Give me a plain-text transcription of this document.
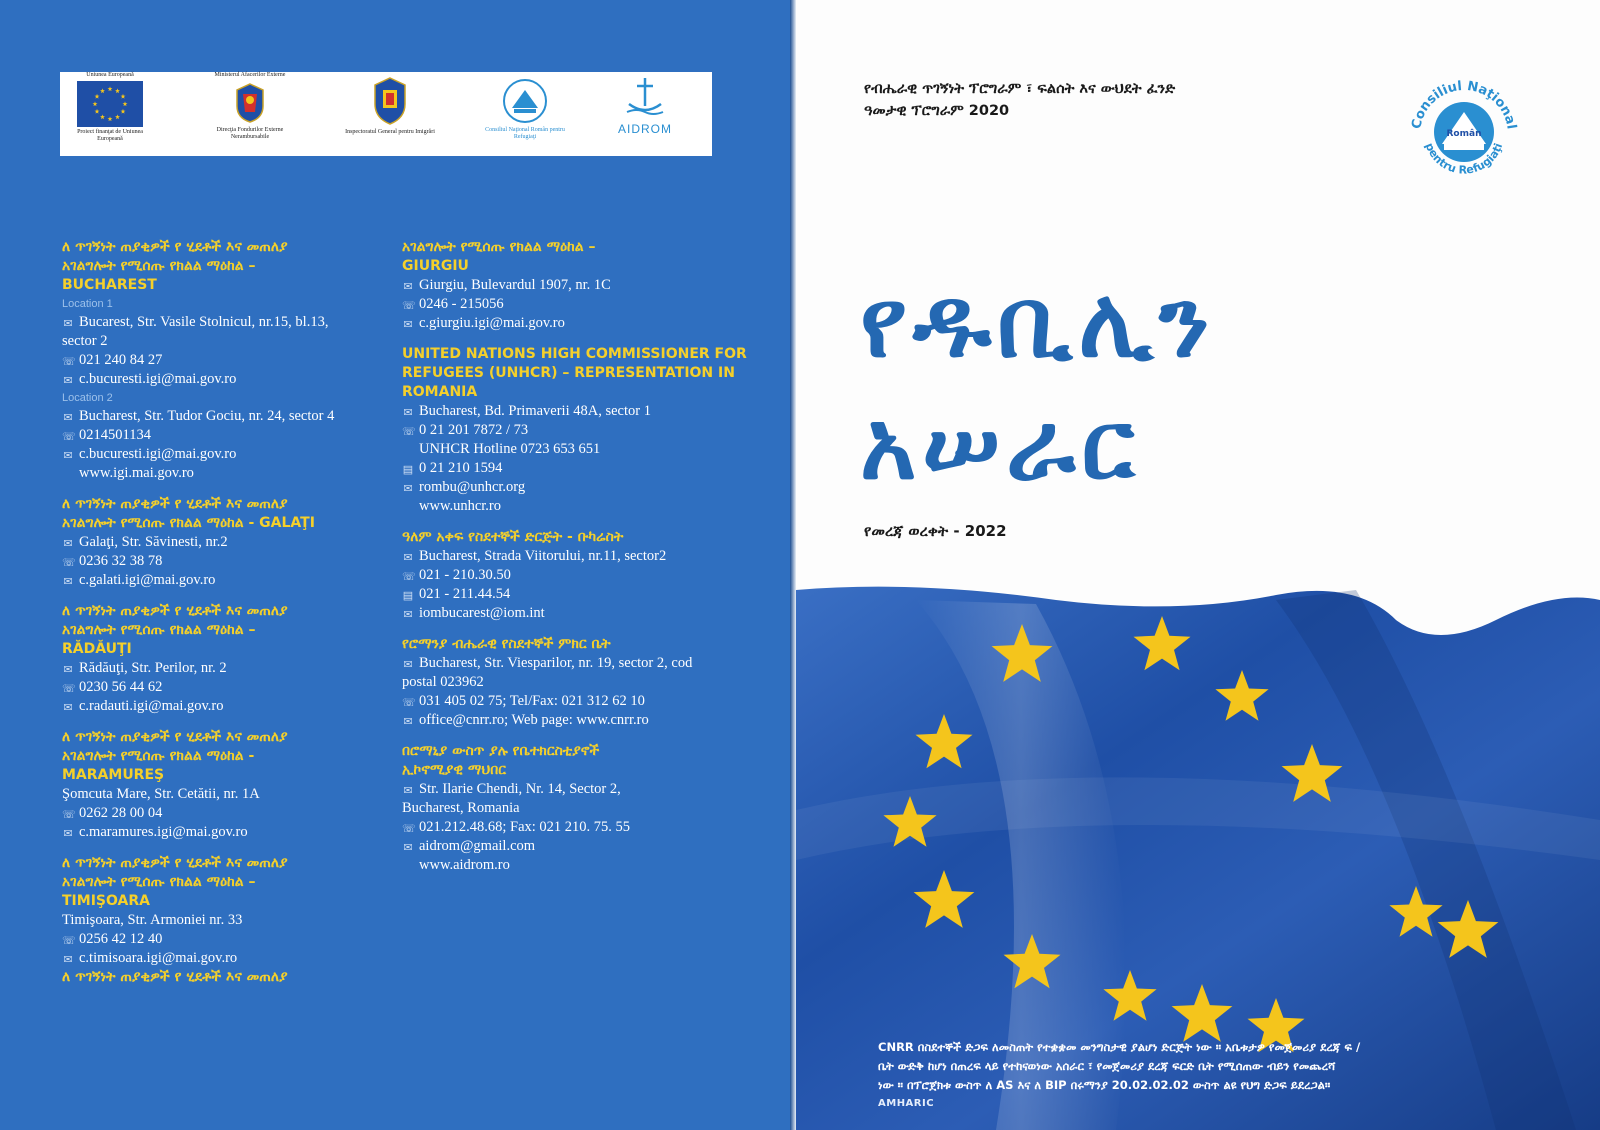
Uniunea Europeană
Proiect finanţat de Uniunea Europeană
Ministerul Afacerilor Externe
Direcţia Fondurilor Externe Nerambursabile
Inspectoratul General pentru Imigrări	Consiliul Naţional Român pentru Refugiaţi
AIDROM
ለ ጥገኝነት ጠያቂዎች የ ሂደቶች እና መጠለያ
አገልግሎት የሚሰጡ የክልል ማዕከል –
BUCHAREST
Location 1
✉ Bucarest, Str. Vasile Stolnicul, nr.15, bl.13,
sector 2
☏ 021 240 84 27
✉ c.bucuresti.igi@mai.gov.ro
Location 2
✉ Bucharest, Str. Tudor Gociu, nr. 24, sector 4
☏ 0214501134
✉ c.bucuresti.igi@mai.gov.ro
www.igi.mai.gov.ro
ለ ጥገኝነት ጠያቂዎች የ ሂደቶች እና መጠለያ
አገልግሎት የሚሰጡ የክልል ማዕከል - GALAŢI
✉ Galaţi, Str. Săvinesti, nr.2
☏ 0236 32 38 78
✉ c.galati.igi@mai.gov.ro
ለ ጥገኝነት ጠያቂዎች የ ሂደቶች እና መጠለያ
አገልግሎት የሚሰጡ የክልል ማዕከል –
RĂDĂUŢI
✉ Rădăuţi, Str. Perilor, nr. 2
☏ 0230 56 44 62
✉ c.radauti.igi@mai.gov.ro
ለ ጥገኝነት ጠያቂዎች የ ሂደቶች እና መጠለያ
አገልግሎት የሚሰጡ የክልል ማዕከል -
MARAMUREŞ
Şomcuta Mare, Str. Cetătii, nr. 1A
☏ 0262 28 00 04
✉ c.maramures.igi@mai.gov.ro
ለ ጥገኝነት ጠያቂዎች የ ሂደቶች እና መጠለያ
አገልግሎት የሚሰጡ የክልል ማዕከል –
TIMIŞOARA
Timişoara, Str. Armoniei nr. 33
☏ 0256 42 12 40
✉ c.timisoara.igi@mai.gov.ro
ለ ጥገኝነት ጠያቂዎች የ ሂደቶች እና መጠለያ
አገልግሎት የሚሰጡ የክልል ማዕከል –
GIURGIU
✉ Giurgiu, Bulevardul 1907, nr. 1C
☏ 0246 - 215056
✉ c.giurgiu.igi@mai.gov.ro
UNITED NATIONS HIGH COMMISSIONER FOR
REFUGEES (UNHCR) – REPRESENTATION IN
ROMANIA
✉ Bucharest, Bd. Primaverii 48A, sector 1
☏ 0 21 201 7872 / 73
UNHCR Hotline 0723 653 651
▤ 0 21 210 1594
✉ rombu@unhcr.org
www.unhcr.ro
ዓለም አቀፍ የስደተኞች ድርጅት - ቡካሬስት
✉ Bucharest, Strada Viitorului, nr.11, sector2
☏ 021 - 210.30.50
▤ 021 - 211.44.54
✉ iombucarest@iom.int
የሮማንያ ብሔራዊ የስደተኞች ምክር ቤት
✉ Bucharest, Str. Viesparilor, nr. 19, sector 2, cod
postal 023962
☏ 031 405 02 75; Tel/Fax: 021 312 62 10
✉ office@cnrr.ro; Web page: www.cnrr.ro
በሮማኒያ ውስጥ ያሉ የቤተክርስቲያኖች
ኢኮኖሚያዊ ማህበር
✉ Str. Ilarie Chendi, Nr. 14, Sector 2,
Bucharest, Romania
☏ 021.212.48.68; Fax: 021 210. 75. 55
✉ aidrom@gmail.com
www.aidrom.ro
የብሔራዊ ጥገኝነት ፕሮግራም ፣ ፍልሰት እና ውህደት ፈንድ
ዓመታዊ ፕሮግራም 2020
Consiliul Naţional
Român
pentru Refugiaţi
የዱቢሊን
አሠራር
የመረጃ ወረቀት - 2022
CNRR በስደተኞች ድጋፍ ለመስጠት የተቋቋመ መንግስታዊ ያልሆነ ድርጅት ነው ። አቤቱታዎ የመጀመሪያ ደረጃ ፍ /
ቤት ውድቅ ከሆነ በጠረፍ ላይ የተከናወነው አሰራር ፣ የመጀመሪያ ደረጃ ፍርድ ቤት የሚሰጠው ብይን የመጨረሻ
ነው ። በፕሮጀክቱ ውስጥ ለ AS እና ለ BIP በሩማንያ 20.02.02.02 ውስጥ ልዩ የህግ ድጋፍ ይደረጋል።
AMHARIC
